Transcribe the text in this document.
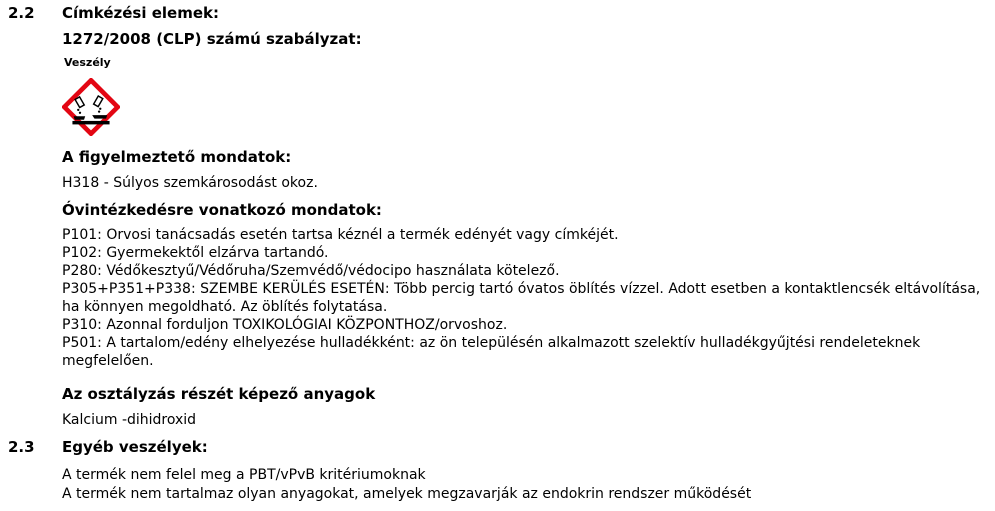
2.2 Címkézési elemek:
1272/2008 (CLP) számú szabályzat:
Veszély
A figyelmeztető mondatok:
H318 - Súlyos szemkárosodást okoz.
Óvintézkedésre vonatkozó mondatok:
P101: Orvosi tanácsadás esetén tartsa kéznél a termék edényét vagy címkéjét.
P102: Gyermekektől elzárva tartandó.
P280: Védőkesztyű/Védőruha/Szemvédő/védocipo használata kötelező.
P305+P351+P338: SZEMBE KERÜLÉS ESETÉN: Több percig tartó óvatos öblítés vízzel. Adott esetben a kontaktlencsék eltávolítása,
ha könnyen megoldható. Az öblítés folytatása.
P310: Azonnal forduljon TOXIKOLÓGIAI KÖZPONTHOZ/orvoshoz.
P501: A tartalom/edény elhelyezése hulladékként: az ön településén alkalmazott szelektív hulladékgyűjtési rendeleteknek
megfelelően.
Az osztályzás részét képező anyagok
Kalcium -dihidroxid
2.3 Egyéb veszélyek:
A termék nem felel meg a PBT/vPvB kritériumoknak
A termék nem tartalmaz olyan anyagokat, amelyek megzavarják az endokrin rendszer működését
